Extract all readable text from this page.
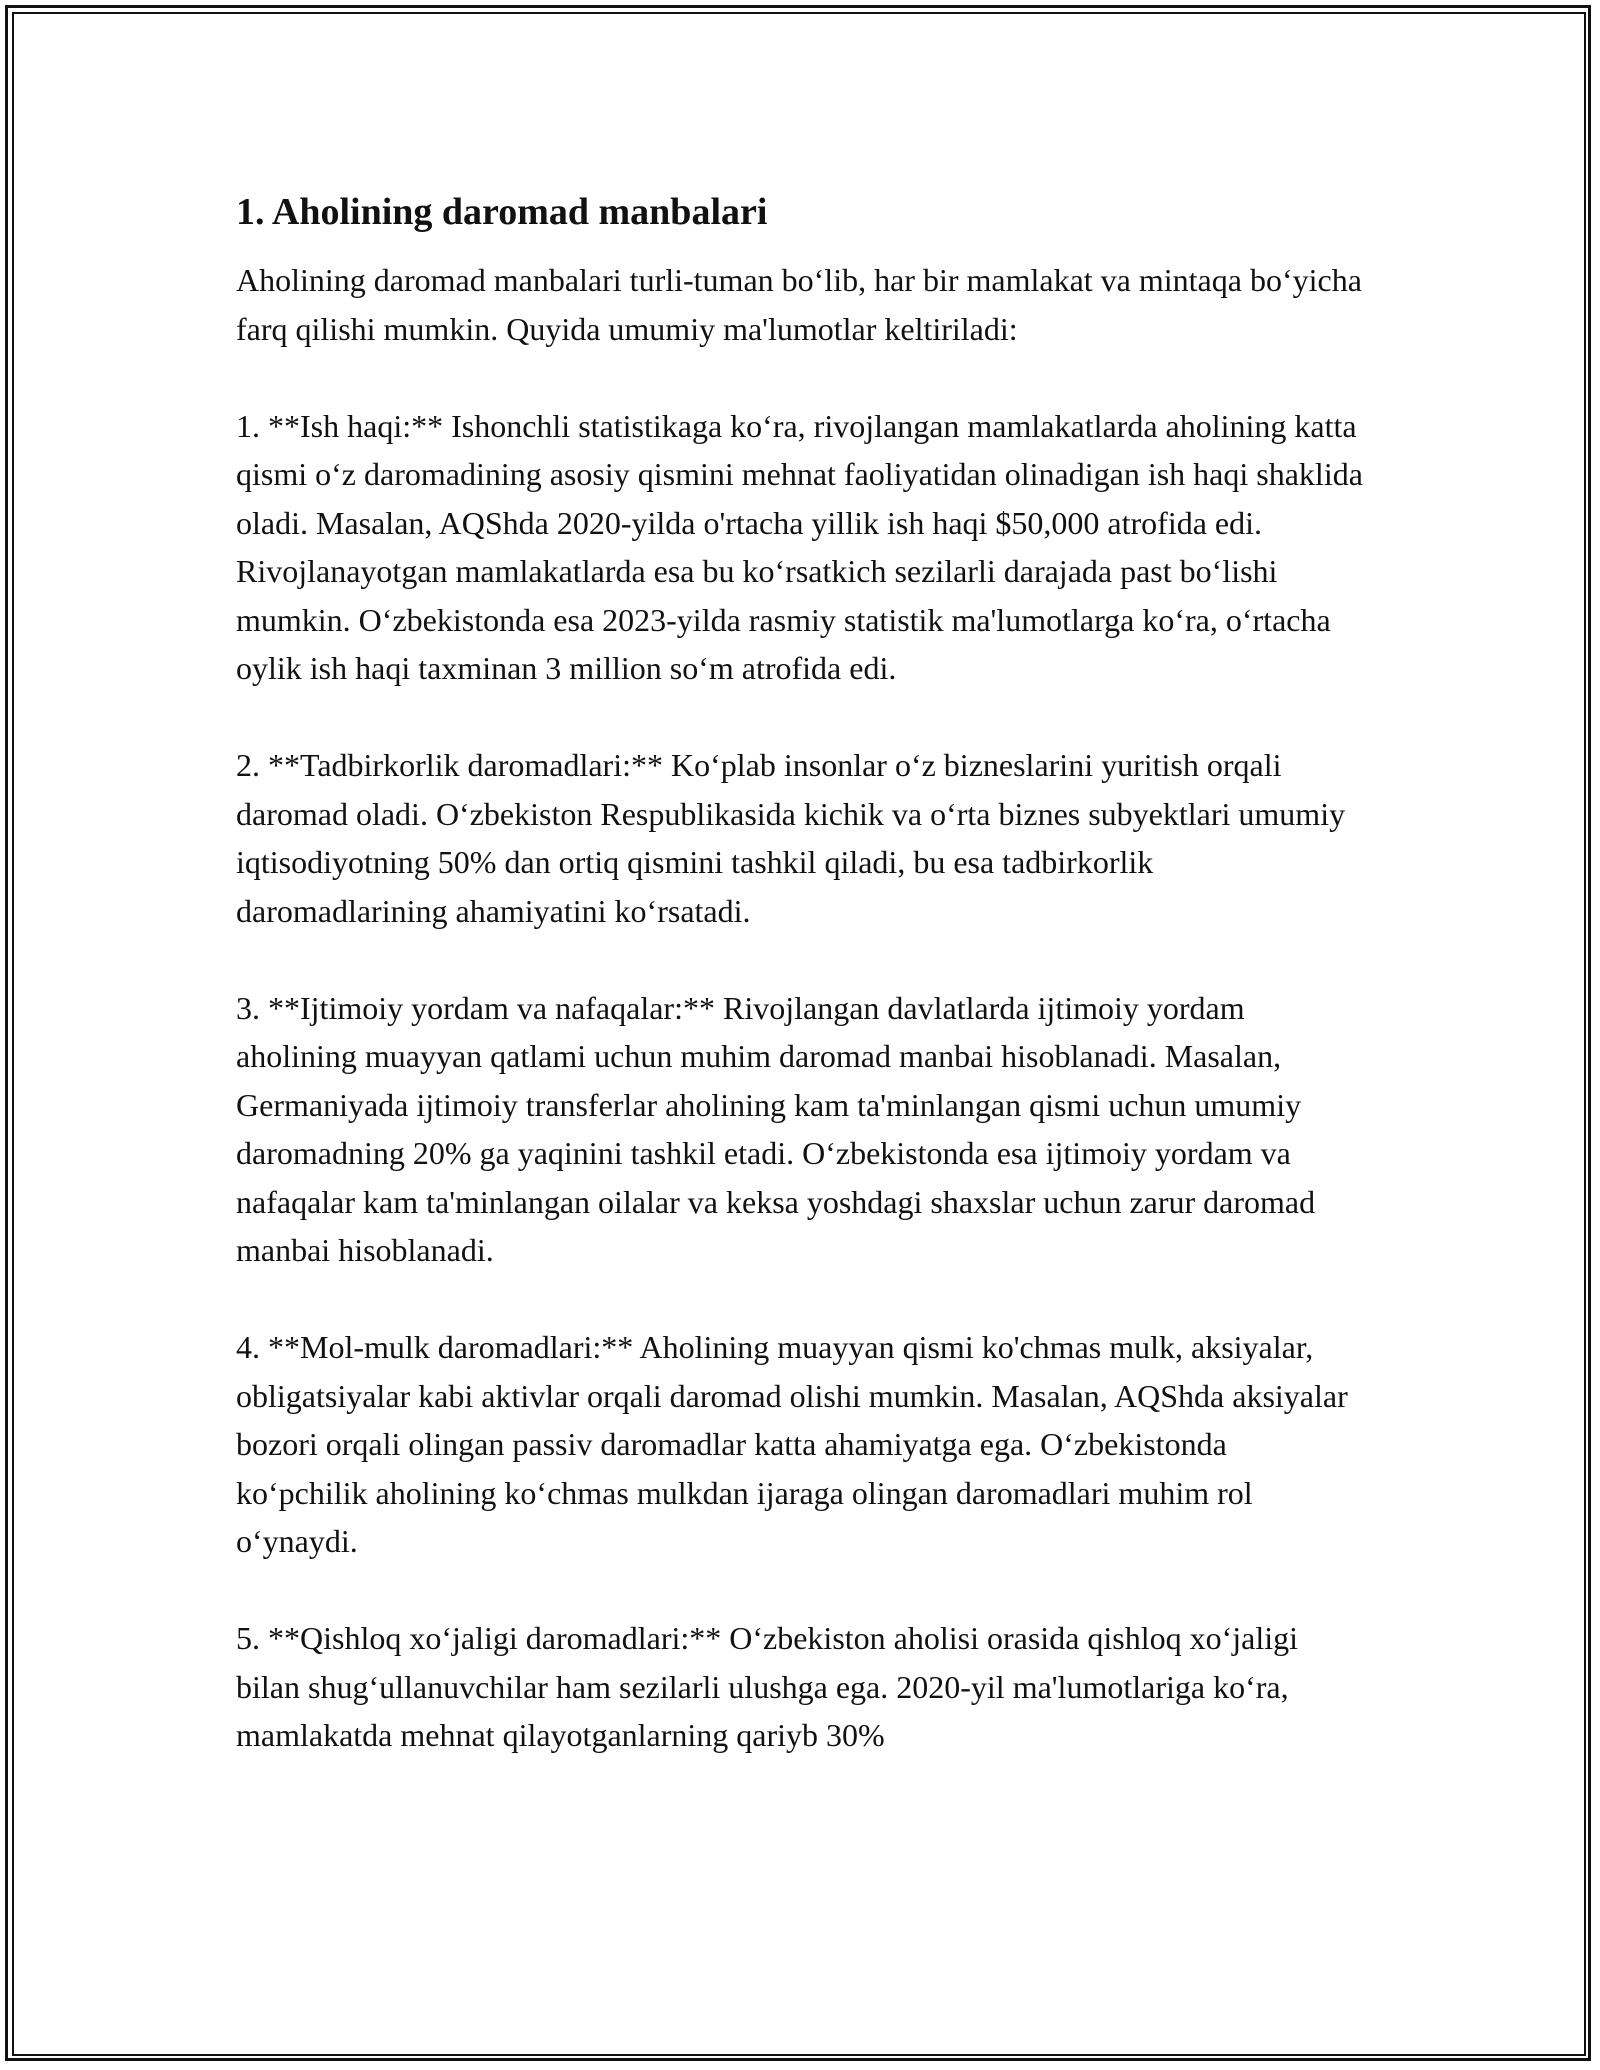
1. Aholining daromad manbalari

Aholining daromad manbalari turli-tuman bo‘lib, har bir mamlakat va mintaqa bo‘yicha farq qilishi mumkin. Quyida umumiy ma'lumotlar keltiriladi:

1. **Ish haqi:** Ishonchli statistikaga ko‘ra, rivojlangan mamlakatlarda aholining katta qismi o‘z daromadining asosiy qismini mehnat faoliyatidan olinadigan ish haqi shaklida oladi. Masalan, AQShda 2020-yilda o'rtacha yillik ish haqi $50,000 atrofida edi. Rivojlanayotgan mamlakatlarda esa bu ko‘rsatkich sezilarli darajada past bo‘lishi mumkin. O‘zbekistonda esa 2023-yilda rasmiy statistik ma'lumotlarga ko‘ra, o‘rtacha oylik ish haqi taxminan 3 million so‘m atrofida edi.

2. **Tadbirkorlik daromadlari:** Ko‘plab insonlar o‘z bizneslarini yuritish orqali daromad oladi. O‘zbekiston Respublikasida kichik va o‘rta biznes subyektlari umumiy iqtisodiyotning 50% dan ortiq qismini tashkil qiladi, bu esa tadbirkorlik daromadlarining ahamiyatini ko‘rsatadi.

3. **Ijtimoiy yordam va nafaqalar:** Rivojlangan davlatlarda ijtimoiy yordam aholining muayyan qatlami uchun muhim daromad manbai hisoblanadi. Masalan, Germaniyada ijtimoiy transferlar aholining kam ta'minlangan qismi uchun umumiy daromadning 20% ga yaqinini tashkil etadi. O‘zbekistonda esa ijtimoiy yordam va nafaqalar kam ta'minlangan oilalar va keksa yoshdagi shaxslar uchun zarur daromad manbai hisoblanadi.

4. **Mol-mulk daromadlari:** Aholining muayyan qismi ko'chmas mulk, aksiyalar, obligatsiyalar kabi aktivlar orqali daromad olishi mumkin. Masalan, AQShda aksiyalar bozori orqali olingan passiv daromadlar katta ahamiyatga ega. O‘zbekistonda ko‘pchilik aholining ko‘chmas mulkdan ijaraga olingan daromadlari muhim rol o‘ynaydi.

5. **Qishloq xo‘jaligi daromadlari:** O‘zbekiston aholisi orasida qishloq xo‘jaligi bilan shug‘ullanuvchilar ham sezilarli ulushga ega. 2020-yil ma'lumotlariga ko‘ra, mamlakatda mehnat qilayotganlarning qariyb 30%
